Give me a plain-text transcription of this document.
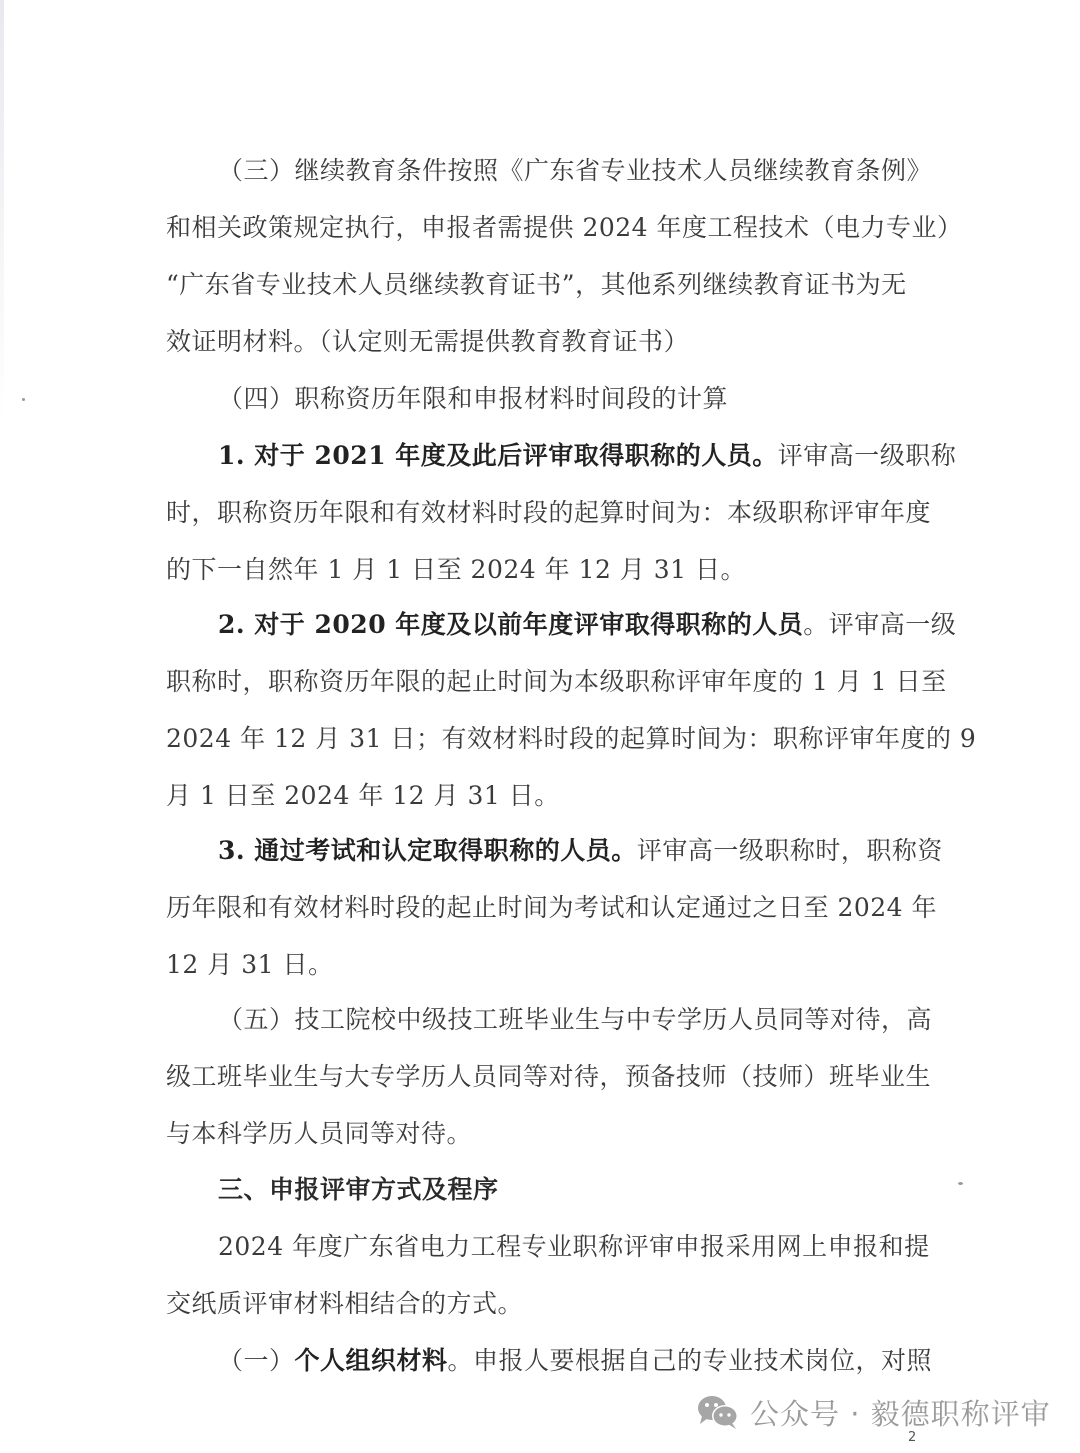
（三）继续教育条件按照《广东省专业技术人员继续教育条例》
和相关政策规定执行，申报者需提供 2024 年度工程技术（电力专业）
“广东省专业技术人员继续教育证书”，其他系列继续教育证书为无
效证明材料。（认定则无需提供教育教育证书）
（四）职称资历年限和申报材料时间段的计算
1. 对于 2021 年度及此后评审取得职称的人员。评审高一级职称
时，职称资历年限和有效材料时段的起算时间为：本级职称评审年度
的下一自然年 1 月 1 日至 2024 年 12 月 31 日。
2. 对于 2020 年度及以前年度评审取得职称的人员。评审高一级
职称时，职称资历年限的起止时间为本级职称评审年度的 1 月 1 日至
2024 年 12 月 31 日；有效材料时段的起算时间为：职称评审年度的 9
月 1 日至 2024 年 12 月 31 日。
3. 通过考试和认定取得职称的人员。评审高一级职称时，职称资
历年限和有效材料时段的起止时间为考试和认定通过之日至 2024 年
12 月 31 日。
（五）技工院校中级技工班毕业生与中专学历人员同等对待，高
级工班毕业生与大专学历人员同等对待，预备技师（技师）班毕业生
与本科学历人员同等对待。
三、申报评审方式及程序
2024 年度广东省电力工程专业职称评审申报采用网上申报和提
交纸质评审材料相结合的方式。
（一）个人组织材料。申报人要根据自己的专业技术岗位，对照
公众号 · 毅德职称评审
2
